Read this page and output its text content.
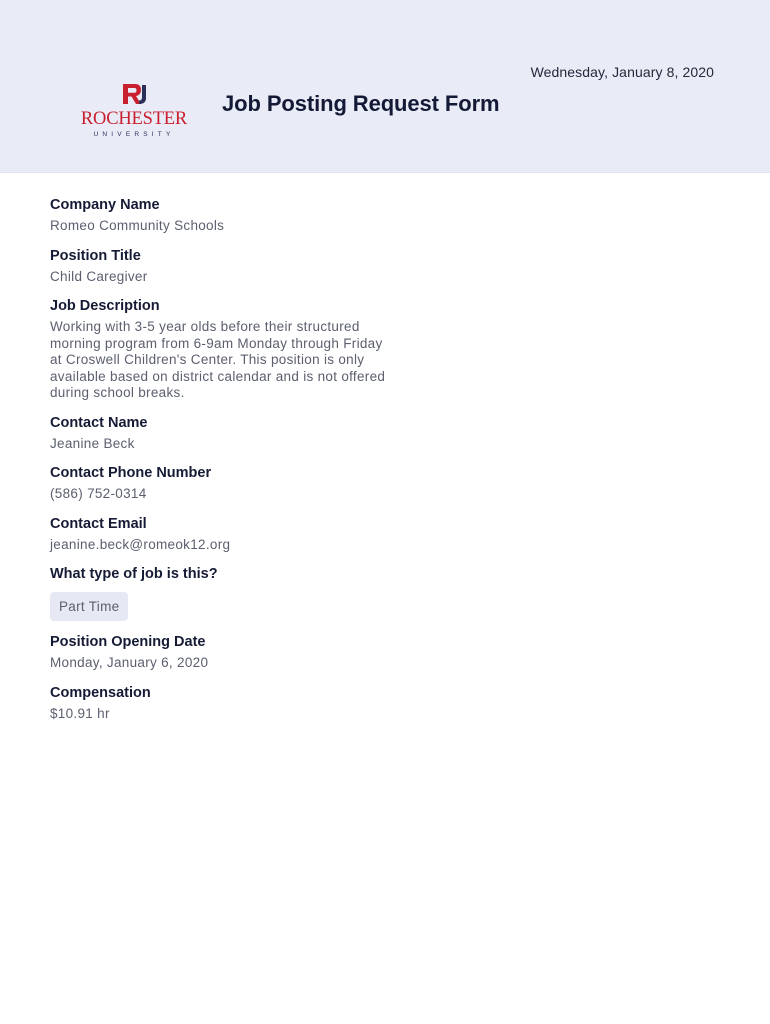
Wednesday, January 8, 2020
ROCHESTER
UNIVERSITY
Job Posting Request Form
Company Name
Romeo Community Schools
Position Title
Child Caregiver
Job Description
Working with 3-5 year olds before their structured morning program from 6-9am Monday through Friday at Croswell Children's Center. This position is only available based on district calendar and is not offered during school breaks.
Contact Name
Jeanine Beck
Contact Phone Number
(586) 752-0314
Contact Email
jeanine.beck@romeok12.org
What type of job is this?
Part Time
Position Opening Date
Monday, January 6, 2020
Compensation
$10.91 hr
